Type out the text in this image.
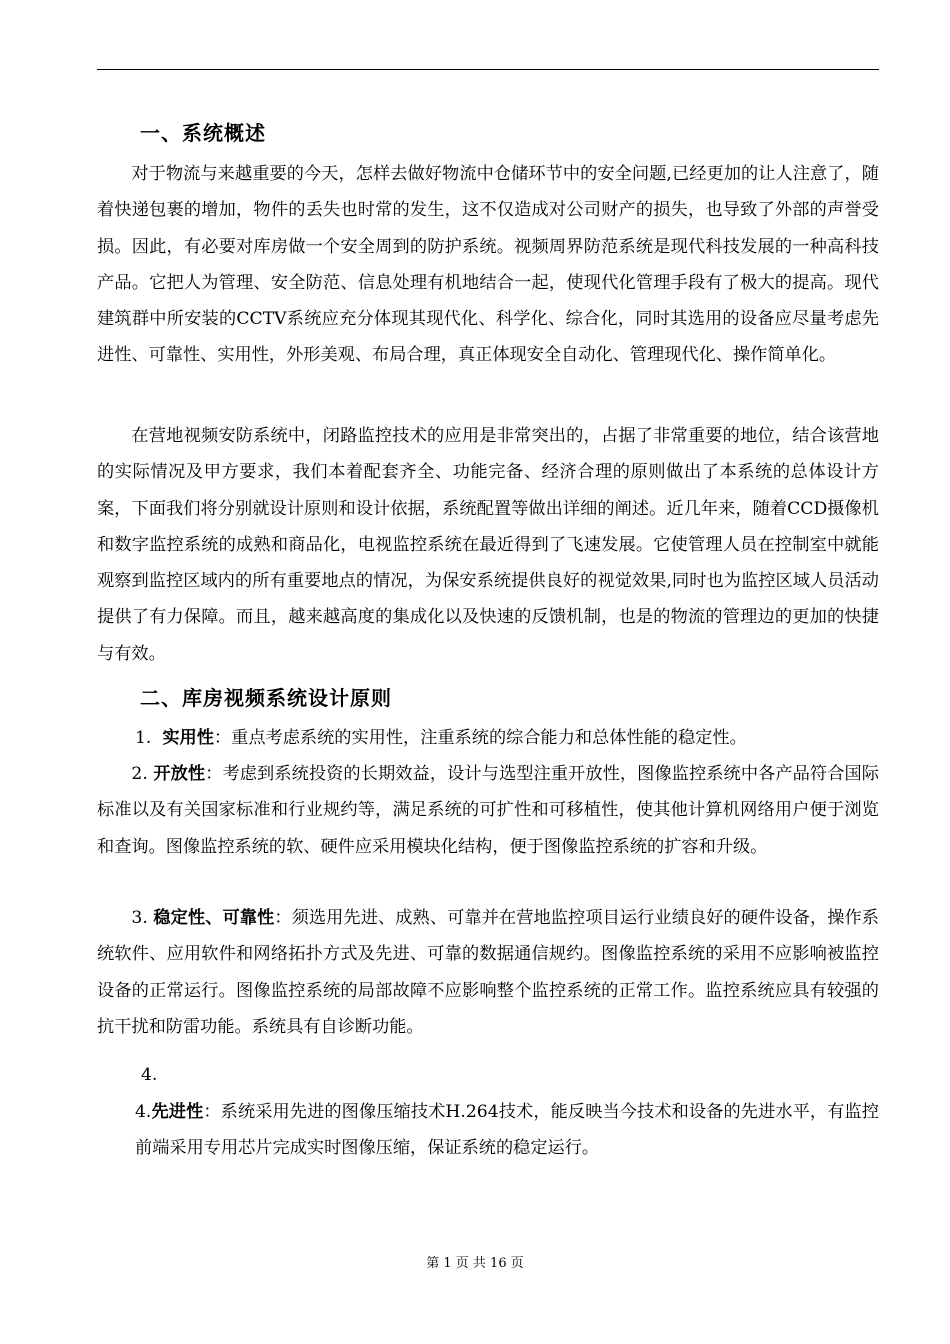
一、系统概述

对于物流与来越重要的今天，怎样去做好物流中仓储环节中的安全问题,已经更加的让人注意了，随着快递包裹的增加，物件的丢失也时常的发生，这不仅造成对公司财产的损失，也导致了外部的声誉受损。因此，有必要对库房做一个安全周到的防护系统。视频周界防范系统是现代科技发展的一种高科技产品。它把人为管理、安全防范、信息处理有机地结合一起，使现代化管理手段有了极大的提高。现代建筑群中所安装的CCTV系统应充分体现其现代化、科学化、综合化，同时其选用的设备应尽量考虑先进性、可靠性、实用性，外形美观、布局合理，真正体现安全自动化、管理现代化、操作简单化。

在营地视频安防系统中，闭路监控技术的应用是非常突出的，占据了非常重要的地位，结合该营地的实际情况及甲方要求，我们本着配套齐全、功能完备、经济合理的原则做出了本系统的总体设计方案，下面我们将分别就设计原则和设计依据，系统配置等做出详细的阐述。近几年来，随着CCD摄像机和数字监控系统的成熟和商品化，电视监控系统在最近得到了飞速发展。它使管理人员在控制室中就能观察到监控区域内的所有重要地点的情况，为保安系统提供良好的视觉效果,同时也为监控区域人员活动提供了有力保障。而且，越来越高度的集成化以及快速的反馈机制，也是的物流的管理边的更加的快捷与有效。

二、库房视频系统设计原则

1. 实用性：重点考虑系统的实用性，注重系统的综合能力和总体性能的稳定性。

2. 开放性：考虑到系统投资的长期效益，设计与选型注重开放性，图像监控系统中各产品符合国际标准以及有关国家标准和行业规约等，满足系统的可扩性和可移植性，使其他计算机网络用户便于浏览和查询。图像监控系统的软、硬件应采用模块化结构，便于图像监控系统的扩容和升级。

3. 稳定性、可靠性：须选用先进、成熟、可靠并在营地监控项目运行业绩良好的硬件设备，操作系统软件、应用软件和网络拓扑方式及先进、可靠的数据通信规约。图像监控系统的采用不应影响被监控设备的正常运行。图像监控系统的局部故障不应影响整个监控系统的正常工作。监控系统应具有较强的抗干扰和防雷功能。系统具有自诊断功能。

4.

4.先进性：系统采用先进的图像压缩技术H.264技术，能反映当今技术和设备的先进水平，有监控前端采用专用芯片完成实时图像压缩，保证系统的稳定运行。

第 1 页 共 16 页
